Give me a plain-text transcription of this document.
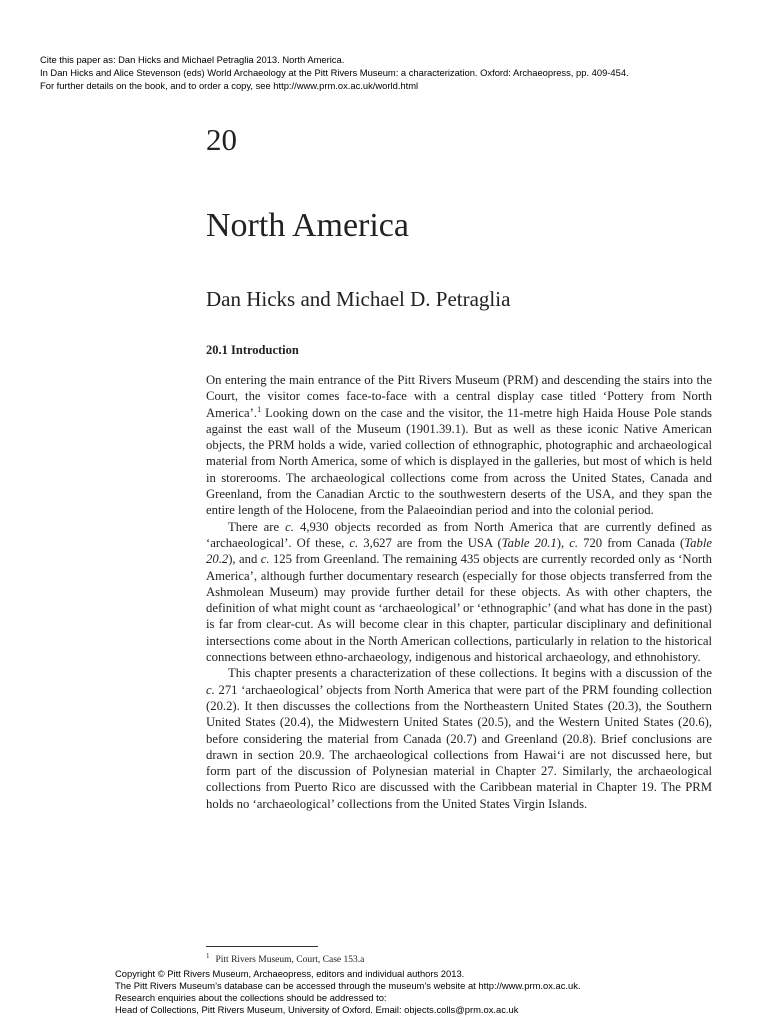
Cite this paper as: Dan Hicks and Michael Petraglia 2013. North America.
In Dan Hicks and Alice Stevenson (eds) World Archaeology at the Pitt Rivers Museum: a characterization. Oxford: Archaeopress, pp. 409-454.
For further details on the book, and to order a copy, see http://www.prm.ox.ac.uk/world.html
20
North America
Dan Hicks and Michael D. Petraglia
20.1 Introduction

On entering the main entrance of the Pitt Rivers Museum (PRM) and descending the stairs into the Court, the visitor comes face-to-face with a central display case titled ‘Pottery from North America’.$^1$ Looking down on the case and the visitor, the 11-metre high Haida House Pole stands against the east wall of the Museum (1901.39.1). But as well as these iconic Native American objects, the PRM holds a wide, varied collection of ethnographic, photographic and archaeological material from North America, some of which is displayed in the galleries, but most of which is held in storerooms. The archaeological collections come from across the United States, Canada and Greenland, from the Canadian Arctic to the southwestern deserts of the USA, and they span the entire length of the Holocene, from the Palaeoindian period and into the colonial period.

There are c. 4,930 objects recorded as from North America that are currently defined as ‘archaeological’. Of these, c. 3,627 are from the USA (Table 20.1), c. 720 from Canada (Table 20.2), and c. 125 from Greenland. The remaining 435 objects are currently recorded only as ‘North America’, although further documentary research (especially for those objects transferred from the Ashmolean Museum) may provide further detail for these objects. As with other chapters, the definition of what might count as ‘archaeological’ or ‘ethnographic’ (and what has done in the past) is far from clear-cut. As will become clear in this chapter, particular disciplinary and definitional intersections come about in the North American collections, particularly in relation to the historical connections between ethno-archaeology, indigenous and historical archaeology, and ethnohistory.

This chapter presents a characterization of these collections. It begins with a discussion of the c. 271 ‘archaeological’ objects from North America that were part of the PRM founding collection (20.2). It then discusses the collections from the Northeastern United States (20.3), the Southern United States (20.4), the Midwestern United States (20.5), and the Western United States (20.6), before considering the material from Canada (20.7) and Greenland (20.8). Brief conclusions are drawn in section 20.9. The archaeological collections from Hawai‘i are not discussed here, but form part of the discussion of Polynesian material in Chapter 27. Similarly, the archaeological collections from Puerto Rico are discussed with the Caribbean material in Chapter 19. The PRM holds no ‘archaeological’ collections from the United States Virgin Islands.

$^1$ Pitt Rivers Museum, Court, Case 153.a
Copyright © Pitt Rivers Museum, Archaeopress, editors and individual authors 2013.
The Pitt Rivers Museum’s database can be accessed through the museum’s website at http://www.prm.ox.ac.uk.
Research enquiries about the collections should be addressed to:
Head of Collections, Pitt Rivers Museum, University of Oxford. Email: objects.colls@prm.ox.ac.uk
